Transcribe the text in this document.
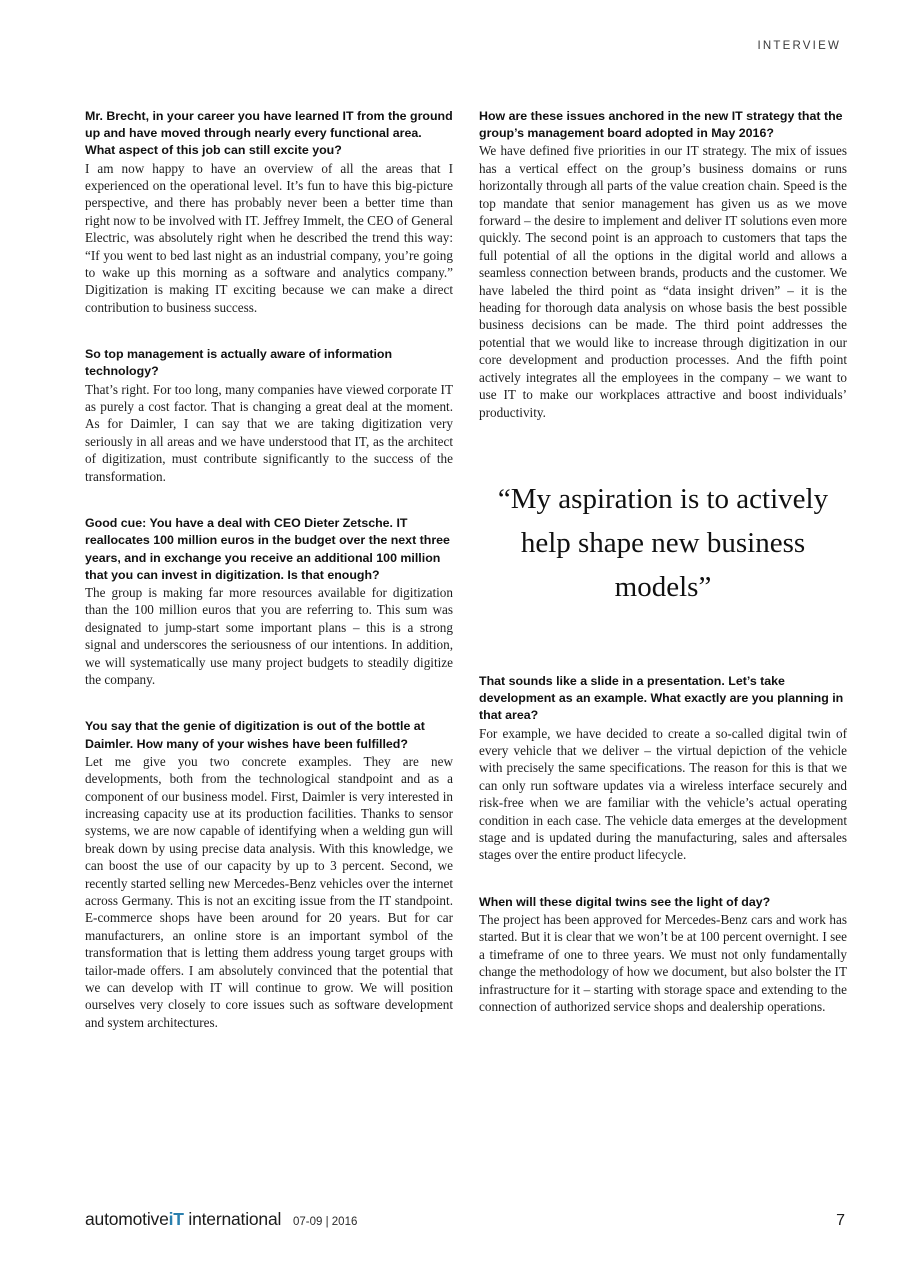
INTERVIEW

Mr. Brecht, in your career you have learned IT from the ground up and have moved through nearly every functional area. What aspect of this job can still excite you?

I am now happy to have an overview of all the areas that I experienced on the operational level. It’s fun to have this big-picture perspective, and there has probably never been a better time than right now to be involved with IT. Jeffrey Immelt, the CEO of General Electric, was absolutely right when he described the trend this way: “If you went to bed last night as an industrial company, you’re going to wake up this morning as a software and analytics company.” Digitization is making IT exciting because we can make a direct contribution to business success.

So top management is actually aware of information technology?

That’s right. For too long, many companies have viewed corporate IT as purely a cost factor. That is changing a great deal at the moment. As for Daimler, I can say that we are taking digitization very seriously in all areas and we have understood that IT, as the architect of digitization, must contribute significantly to the success of the transformation.

Good cue: You have a deal with CEO Dieter Zetsche. IT reallocates 100 million euros in the budget over the next three years, and in exchange you receive an additional 100 million that you can invest in digitization. Is that enough?

The group is making far more resources available for digitization than the 100 million euros that you are referring to. This sum was designated to jump-start some important plans – this is a strong signal and underscores the seriousness of our intentions. In addition, we will systematically use many project budgets to steadily digitize the company.

You say that the genie of digitization is out of the bottle at Daimler. How many of your wishes have been fulfilled?

Let me give you two concrete examples. They are new developments, both from the technological standpoint and as a component of our business model. First, Daimler is very interested in increasing capacity use at its production facilities. Thanks to sensor systems, we are now capable of identifying when a welding gun will break down by using precise data analysis. With this knowledge, we can boost the use of our capacity by up to 3 percent. Second, we recently started selling new Mercedes-Benz vehicles over the internet across Germany. This is not an exciting issue from the IT standpoint. E-commerce shops have been around for 20 years. But for car manufacturers, an online store is an important symbol of the transformation that is letting them address young target groups with tailor-made offers. I am absolutely convinced that the potential that we can develop with IT will continue to grow. We will position ourselves very closely to core issues such as software development and system architectures.

How are these issues anchored in the new IT strategy that the group’s management board adopted in May 2016?

We have defined five priorities in our IT strategy. The mix of issues has a vertical effect on the group’s business domains or runs horizontally through all parts of the value creation chain. Speed is the top mandate that senior management has given us as we move forward – the desire to implement and deliver IT solutions even more quickly. The second point is an approach to customers that taps the full potential of all the options in the digital world and allows a seamless connection between brands, products and the customer. We have labeled the third point as “data insight driven” – it is the heading for thorough data analysis on whose basis the best possible business decisions can be made. The third point addresses the potential that we would like to increase through digitization in our core development and production processes. And the fifth point actively integrates all the employees in the company – we want to use IT to make our workplaces attractive and boost individuals’ productivity.

“My aspiration is to actively help shape new business models”

That sounds like a slide in a presentation. Let’s take development as an example. What exactly are you planning in that area?

For example, we have decided to create a so-called digital twin of every vehicle that we deliver – the virtual depiction of the vehicle with precisely the same specifications. The reason for this is that we can only run software updates via a wireless interface securely and risk-free when we are familiar with the vehicle’s actual operating condition in each case. The vehicle data emerges at the development stage and is updated during the manufacturing, sales and aftersales stages over the entire product lifecycle.

When will these digital twins see the light of day?

The project has been approved for Mercedes-Benz cars and work has started. But it is clear that we won’t be at 100 percent overnight. I see a timeframe of one to three years. We must not only fundamentally change the methodology of how we document, but also bolster the IT infrastructure for it – starting with storage space and extending to the connection of authorized service shops and dealership operations.

automotiveiT international 07-09 | 2016	7
